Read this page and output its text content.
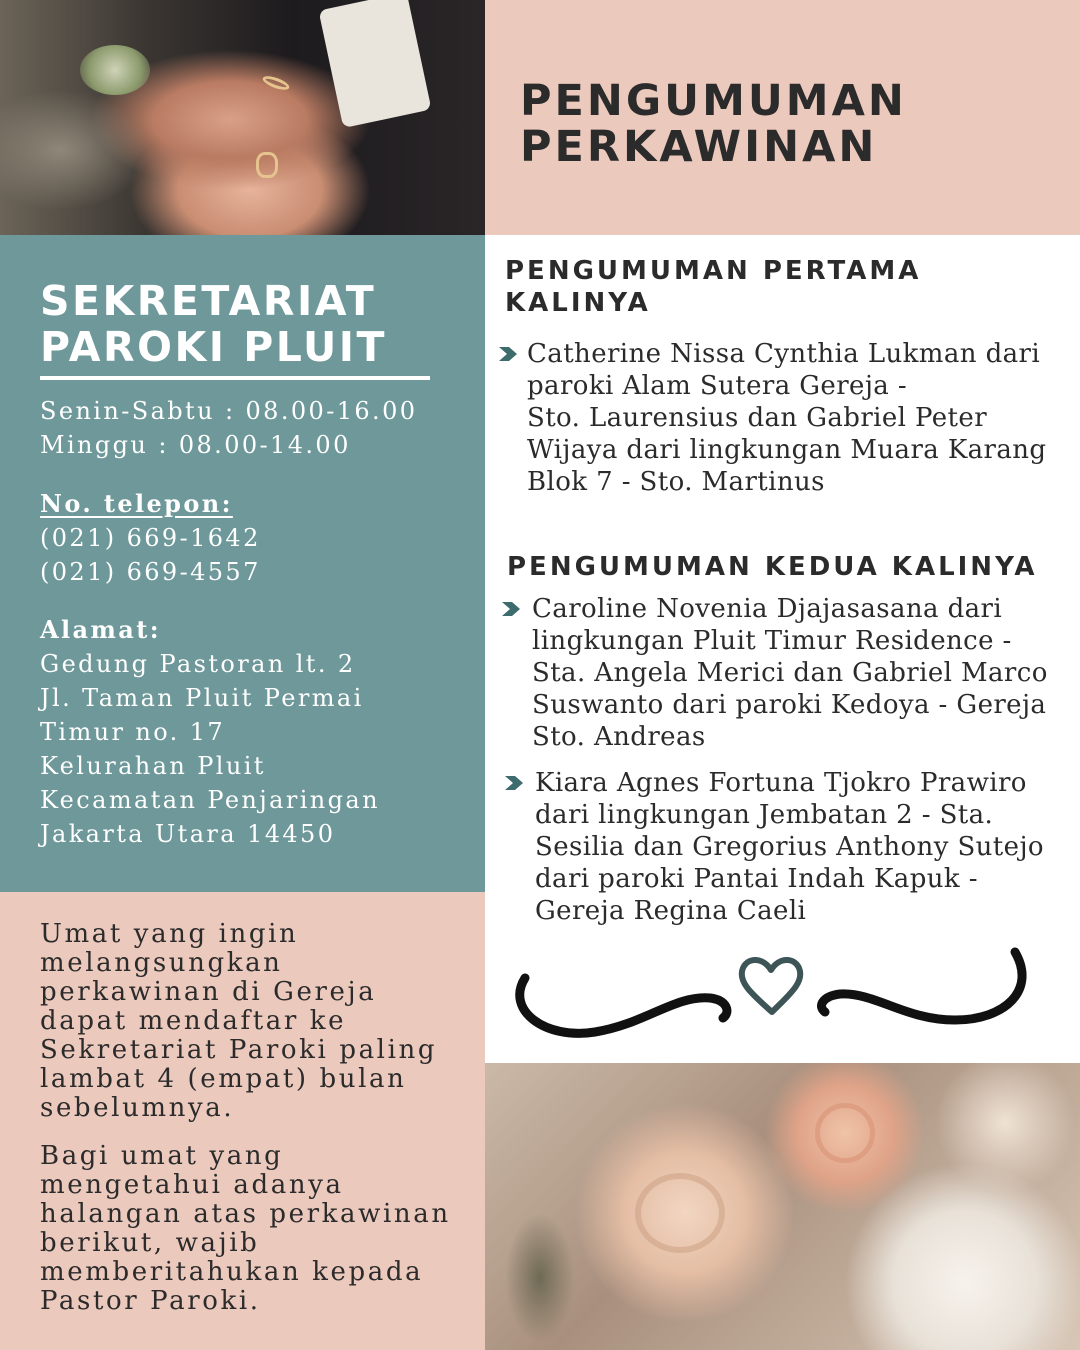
PENGUMUMAN
PERKAWINAN
SEKRETARIAT
PAROKI PLUIT
Senin-Sabtu : 08.00-16.00
Minggu : 08.00-14.00
No. telepon:
(021) 669-1642
(021) 669-4557
Alamat:
Gedung Pastoran lt. 2
Jl. Taman Pluit Permai
Timur no. 17
Kelurahan Pluit
Kecamatan Penjaringan
Jakarta Utara 14450

Umat yang ingin
melangsungkan
perkawinan di Gereja
dapat mendaftar ke
Sekretariat Paroki paling
lambat 4 (empat) bulan
sebelumnya.

Bagi umat yang
mengetahui adanya
halangan atas perkawinan
berikut, wajib
memberitahukan kepada
Pastor Paroki.

PENGUMUMAN PERTAMA
KALINYA
Catherine Nissa Cynthia Lukman dari
paroki Alam Sutera Gereja -
Sto. Laurensius dan Gabriel Peter
Wijaya dari lingkungan Muara Karang
Blok 7 - Sto. Martinus
PENGUMUMAN KEDUA KALINYA
Caroline Novenia Djajasasana dari
lingkungan Pluit Timur Residence -
Sta. Angela Merici dan Gabriel Marco
Suswanto dari paroki Kedoya - Gereja
Sto. Andreas
Kiara Agnes Fortuna Tjokro Prawiro
dari lingkungan Jembatan 2 - Sta.
Sesilia dan Gregorius Anthony Sutejo
dari paroki Pantai Indah Kapuk -
Gereja Regina Caeli
